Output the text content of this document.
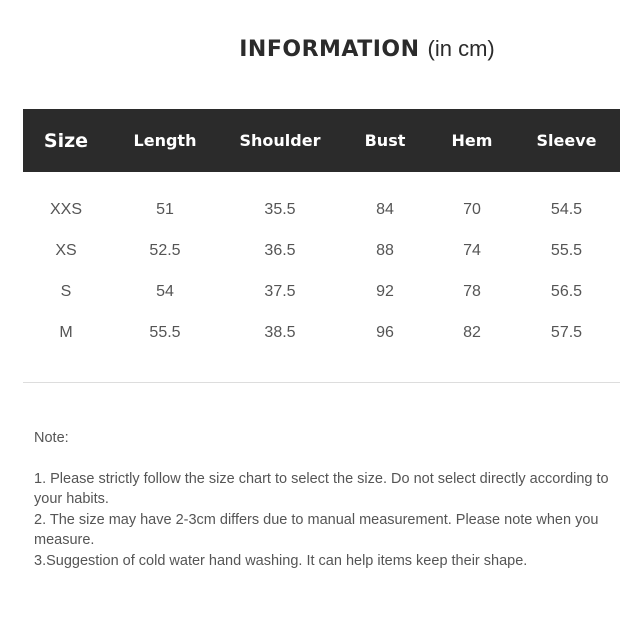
INFORMATION (in cm)
Size	Length	Shoulder	Bust	Hem	Sleeve

XXS	51	35.5	84	70	54.5
XS	52.5	36.5	88	74	55.5
S	54	37.5	92	78	56.5
M	55.5	38.5	96	82	57.5

Note:

1. Please strictly follow the size chart to select the size. Do not select directly according to your habits.

2. The size may have 2-3cm differs due to manual measurement. Please note when you measure.

3.Suggestion of cold water hand washing. It can help items keep their shape.
